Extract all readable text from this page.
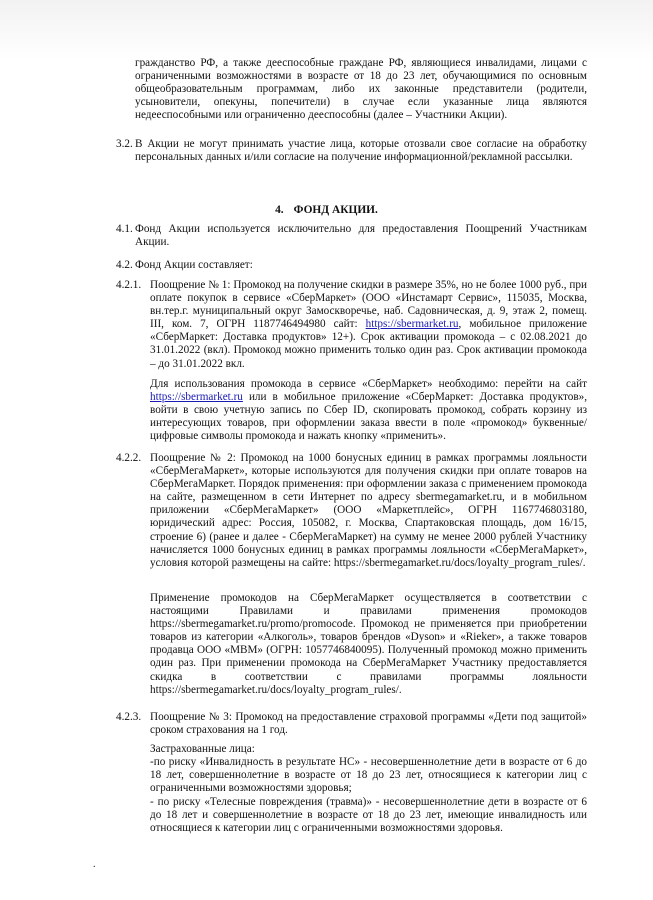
гражданство РФ, а также дееспособные граждане РФ, являющиеся инвалидами, лицами с ограниченными возможностями в возрасте от 18 до 23 лет, обучающимися по основным общеобразовательным программам, либо их законные представители (родители, усыновители, опекуны, попечители) в случае если указанные лица являются недееспособными или ограниченно дееспособны (далее – Участники Акции).

3.2. В Акции не могут принимать участие лица, которые отозвали свое согласие на обработку персональных данных и/или согласие на получение информационной/рекламной рассылки.

4. ФОНД АКЦИИ.
4.1. Фонд Акции используется исключительно для предоставления Поощрений Участникам Акции.

4.2. Фонд Акции составляет:

4.2.1. Поощрение № 1: Промокод на получение скидки в размере 35%, но не более 1000 руб., при оплате покупок в сервисе «СберМаркет» (ООО «Инстамарт Сервис», 115035, Москва, вн.тер.г. муниципальный округ Замоскворечье, наб. Садовническая, д. 9, этаж 2, помещ. III, ком. 7, ОГРН 1187746494980 сайт: https://sbermarket.ru, мобильное приложение «СберМаркет: Доставка продуктов» 12+). Срок активации промокода – с 02.08.2021 до 31.01.2022 (вкл). Промокод можно применить только один раз. Срок активации промокода – до 31.01.2022 вкл.

Для использования промокода в сервисе «СберМаркет» необходимо: перейти на сайт https://sbermarket.ru или в мобильное приложение «СберМаркет: Доставка продуктов», войти в свою учетную запись по Сбер ID, скопировать промокод, собрать корзину из интересующих товаров, при оформлении заказа ввести в поле «промокод» буквенные/цифровые символы промокода и нажать кнопку «применить».

4.2.2. Поощрение № 2: Промокод на 1000 бонусных единиц в рамках программы лояльности «СберМегаМаркет», которые используются для получения скидки при оплате товаров на СберМегаМаркет. Порядок применения: при оформлении заказа с применением промокода на сайте, размещенном в сети Интернет по адресу sbermegamarket.ru, и в мобильном приложении «СберМегаМаркет» (ООО «Маркетплейс», ОГРН 1167746803180, юридический адрес: Россия, 105082, г. Москва, Спартаковская площадь, дом 16/15, строение 6) (ранее и далее - СберМегаМаркет) на сумму не менее 2000 рублей Участнику начисляется 1000 бонусных единиц в рамках программы лояльности «СберМегаМаркет», условия которой размещены на сайте: https://sbermegamarket.ru/docs/loyalty_program_rules/.

Применение промокодов на СберМегаМаркет осуществляется в соответствии с настоящими Правилами и правилами применения промокодов https://sbermegamarket.ru/promo/promocode. Промокод не применяется при приобретении товаров из категории «Алкоголь», товаров брендов «Dyson» и «Rieker», а также товаров продавца ООО «МВМ» (ОГРН: 1057746840095). Полученный промокод можно применить один раз. При применении промокода на СберМегаМаркет Участнику предоставляется скидка в соответствии с правилами программы лояльности https://sbermegamarket.ru/docs/loyalty_program_rules/.

4.2.3. Поощрение № 3: Промокод на предоставление страховой программы «Дети под защитой» сроком страхования на 1 год.

Застрахованные лица:

-по риску «Инвалидность в результате НС» - несовершеннолетние дети в возрасте от 6 до 18 лет, совершеннолетние в возрасте от 18 до 23 лет, относящиеся к категории лиц с ограниченными возможностями здоровья;

- по риску «Телесные повреждения (травма)» - несовершеннолетние дети в возрасте от 6 до 18 лет и совершеннолетние в возрасте от 18 до 23 лет, имеющие инвалидность или относящиеся к категории лиц с ограниченными возможностями здоровья.

.
